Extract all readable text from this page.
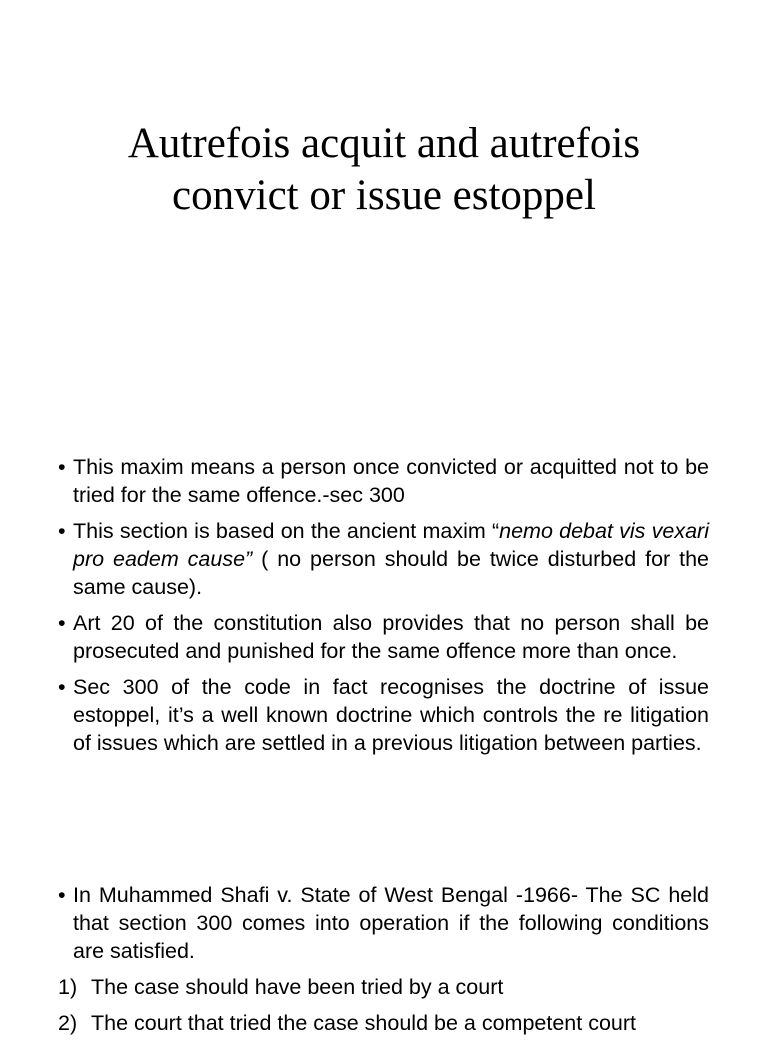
Autrefois acquit and autrefois
convict or issue estoppel
• This maxim means a person once convicted or acquitted not to be tried for the same offence.-sec 300
• This section is based on the ancient maxim “nemo debat vis vexari pro eadem cause” ( no person should be twice disturbed for the same cause).
• Art 20 of the constitution also provides that no person shall be prosecuted and punished for the same offence more than once.
• Sec 300 of the code in fact recognises the doctrine of issue estoppel, it’s a well known doctrine which controls the re litigation of issues which are settled in a previous litigation between parties.
• In Muhammed Shafi v. State of West Bengal -1966- The SC held that section 300 comes into operation if the following conditions are satisfied.
1) The case should have been tried by a court
2) The court that tried the case should be a competent court
